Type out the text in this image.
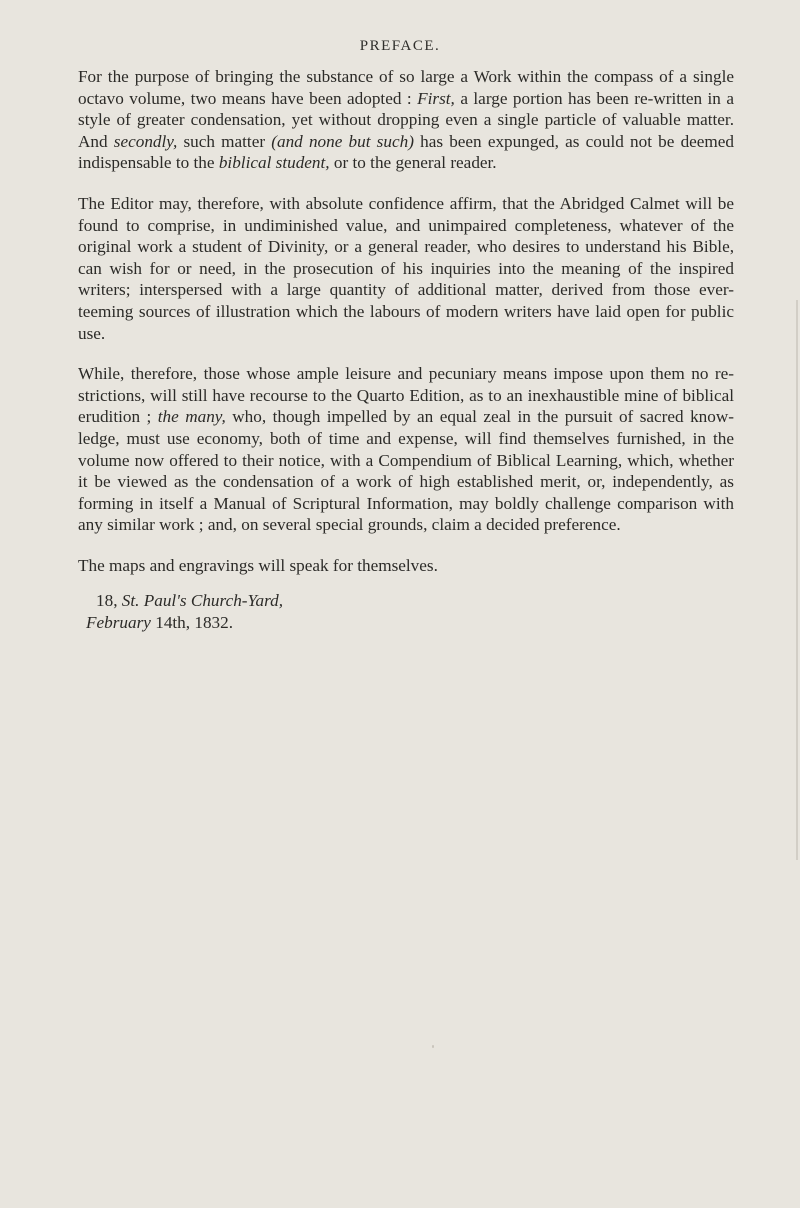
PREFACE.

For the purpose of bringing the substance of so large a Work within the compass of a single octavo volume, two means have been adopted : First, a large portion has been re-written in a style of greater condensation, yet without dropping even a single particle of valuable matter. And secondly, such matter (and none but such) has been expunged, as could not be deemed indispensable to the biblical student, or to the general reader.

The Editor may, therefore, with absolute confidence affirm, that the Abridged Calmet will be found to comprise, in undiminished value, and unimpaired completeness, whatever of the original work a student of Divinity, or a general reader, who desires to understand his Bible, can wish for or need, in the prosecution of his inquiries into the meaning of the inspired writers; interspersed with a large quantity of additional matter, derived from those ever-teeming sources of illustration which the labours of modern writers have laid open for public use.

While, therefore, those whose ample leisure and pecuniary means impose upon them no re-strictions, will still have recourse to the Quarto Edition, as to an inexhaustible mine of biblical erudition ; the many, who, though impelled by an equal zeal in the pursuit of sacred know-ledge, must use economy, both of time and expense, will find themselves furnished, in the volume now offered to their notice, with a Compendium of Biblical Learning, which, whether it be viewed as the condensation of a work of high established merit, or, independently, as forming in itself a Manual of Scriptural Information, may boldly challenge comparison with any similar work ; and, on several special grounds, claim a decided preference.

The maps and engravings will speak for themselves.

18, St. Paul's Church-Yard,
February 14th, 1832.
